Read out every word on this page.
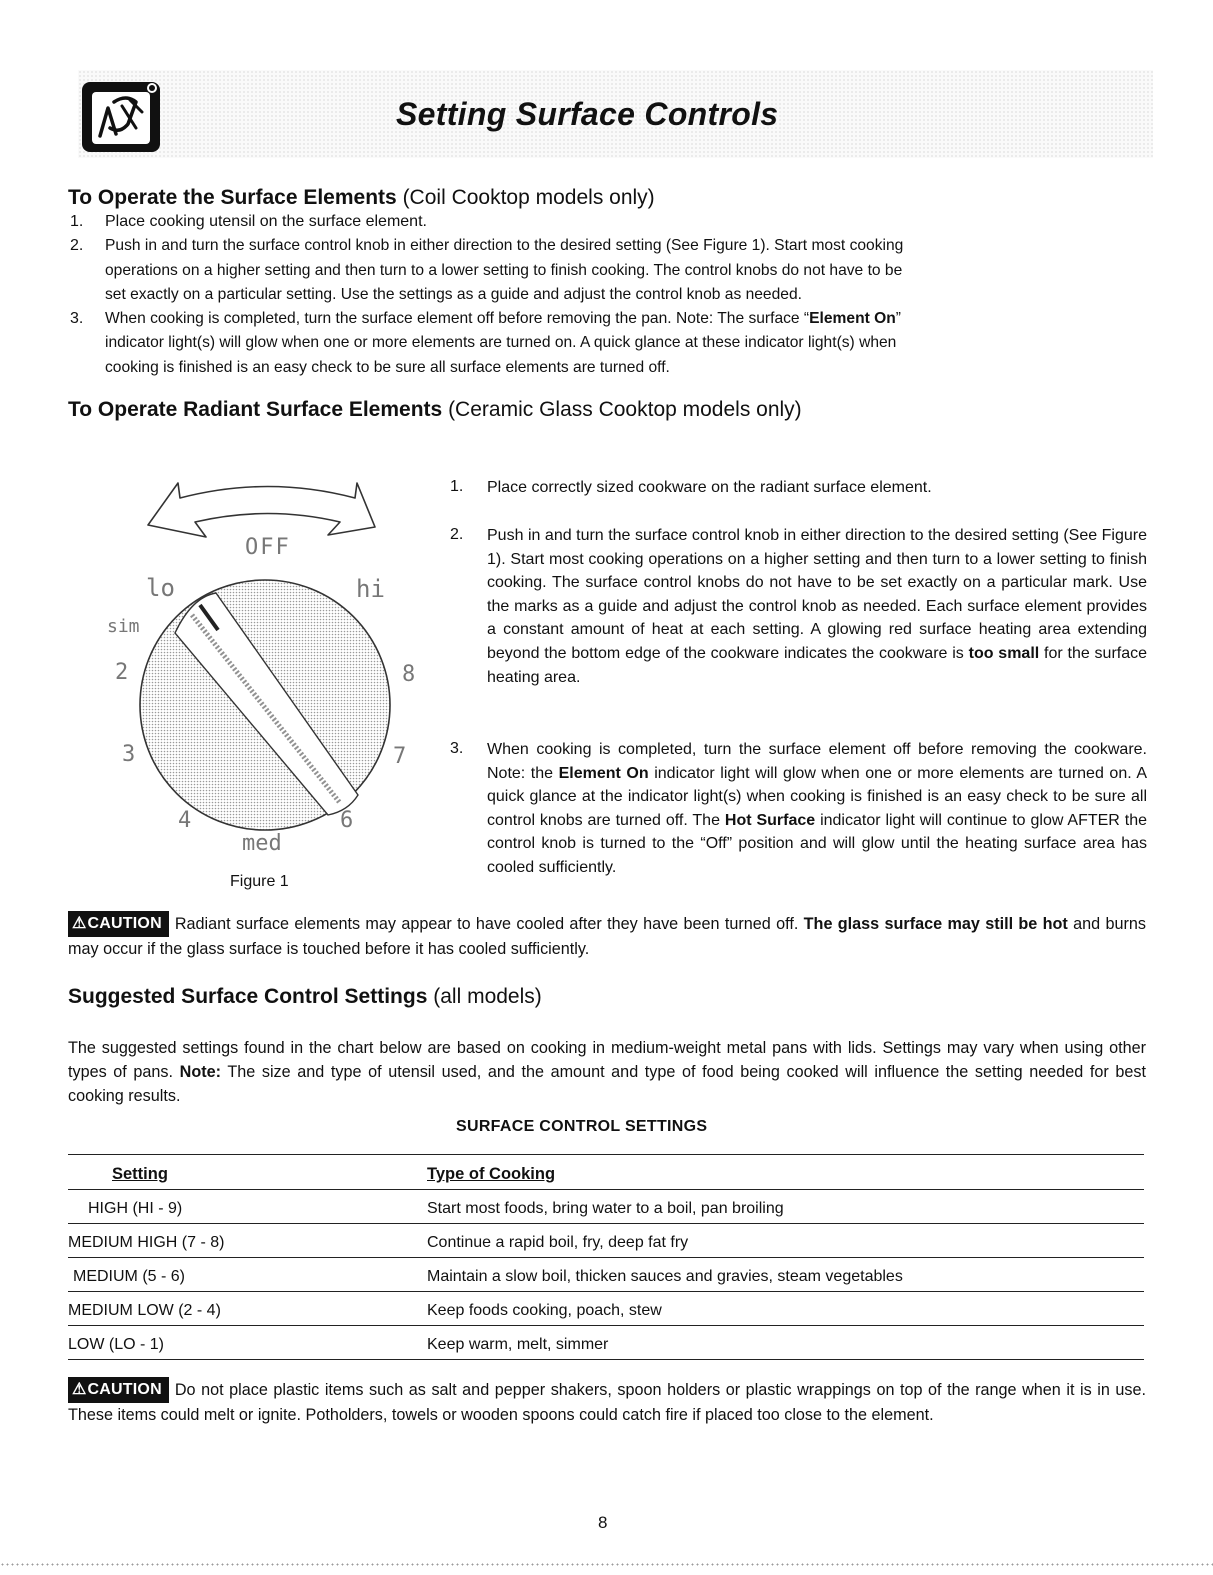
Setting Surface Controls
To Operate the Surface Elements (Coil Cooktop models only)
1. Place cooking utensil on the surface element.
2. Push in and turn the surface control knob in either direction to the desired setting (See Figure 1). Start most cooking
operations on a higher setting and then turn to a lower setting to finish cooking. The control knobs do not have to be
set exactly on a particular setting. Use the settings as a guide and adjust the control knob as needed.
3. When cooking is completed, turn the surface element off before removing the pan. Note: The surface “Element On”
indicator light(s) will glow when one or more elements are turned on. A quick glance at these indicator light(s) when
cooking is finished is an easy check to be sure all surface elements are turned off.
To Operate Radiant Surface Elements (Ceramic Glass Cooktop models only)
OFF
lo	hi
sim
2	8
3	7
4	6
med
Figure 1
1. Place correctly sized cookware on the radiant surface element.
2. Push in and turn the surface control knob in either direction to the desired setting (See Figure 1). Start most cooking operations on a higher setting and then turn to a lower setting to finish cooking. The surface control knobs do not have to be set exactly on a particular mark. Use the marks as a guide and adjust the control knob as needed. Each surface element provides a constant amount of heat at each setting. A glowing red surface heating area extending beyond the bottom edge of the cookware indicates the cookware is too small for the surface heating area.
3. When cooking is completed, turn the surface element off before removing the cookware. Note: the Element On indicator light will glow when one or more elements are turned on. A quick glance at the indicator light(s) when cooking is finished is an easy check to be sure all control knobs are turned off. The Hot Surface indicator light will continue to glow AFTER the control knob is turned to the “Off” position and will glow until the heating surface area has cooled sufficiently.
⚠CAUTION Radiant surface elements may appear to have cooled after they have been turned off. The glass surface may still be hot and burns may occur if the glass surface is touched before it has cooled sufficiently.
Suggested Surface Control Settings (all models)
The suggested settings found in the chart below are based on cooking in medium-weight metal pans with lids. Settings may vary when using other types of pans. Note: The size and type of utensil used, and the amount and type of food being cooked will influence the setting needed for best cooking results.
SURFACE CONTROL SETTINGS
Setting	Type of Cooking
HIGH (HI - 9)	Start most foods, bring water to a boil, pan broiling
MEDIUM HIGH (7 - 8)	Continue a rapid boil, fry, deep fat fry
MEDIUM (5 - 6)	Maintain a slow boil, thicken sauces and gravies, steam vegetables
MEDIUM LOW (2 - 4)	Keep foods cooking, poach, stew
LOW (LO - 1)	Keep warm, melt, simmer
⚠CAUTION Do not place plastic items such as salt and pepper shakers, spoon holders or plastic wrappings on top of the range when it is in use. These items could melt or ignite. Potholders, towels or wooden spoons could catch fire if placed too close to the element.
8
